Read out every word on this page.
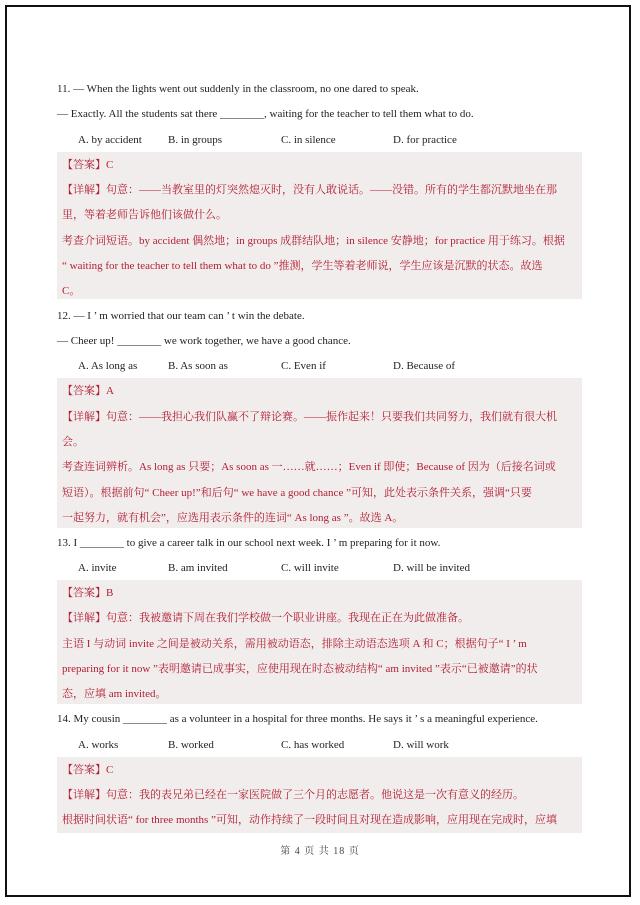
11. — When the lights went out suddenly in the classroom, no one dared to speak.
— Exactly. All the students sat there ________, waiting for the teacher to tell them what to do.
A. by accident B. in groups	C. in silence	D. for practice
【答案】C
【详解】句意：——当教室里的灯突然熄灭时，没有人敢说话。——没错。所有的学生都沉默地坐在那
里，等着老师告诉他们该做什么。
考查介词短语。by accident 偶然地；in groups 成群结队地；in silence 安静地；for practice 用于练习。根据
“ waiting for the teacher to tell them what to do ”推测，学生等着老师说，学生应该是沉默的状态。故选
C。
12. — I ’ m worried that our team can ’ t win the debate.
— Cheer up! ________ we work together, we have a good chance.
A. As long as	B. As soon as	C. Even if	D. Because of
【答案】A
【详解】句意：——我担心我们队赢不了辩论赛。——振作起来！只要我们共同努力，我们就有很大机
会。
考查连词辨析。As long as 只要；As soon as 一……就……；Even if 即使；Because of 因为（后接名词或
短语）。根据前句“ Cheer up!”和后句“ we have a good chance ”可知，此处表示条件关系，强调“只要
一起努力，就有机会”，应选用表示条件的连词“ As long as ”。故选 A。
13. I ________ to give a career talk in our school next week. I ’ m preparing for it now.
A. invite	B. am invited	C. will invite	D. will be invited
【答案】B
【详解】句意：我被邀请下周在我们学校做一个职业讲座。我现在正在为此做准备。
主语 I 与动词 invite 之间是被动关系，需用被动语态，排除主动语态选项 A 和 C；根据句子“ I ’ m
preparing for it now ”表明邀请已成事实，应使用现在时态被动结构“ am invited ”表示“已被邀请”的状
态，应填 am invited。
14. My cousin ________ as a volunteer in a hospital for three months. He says it ’ s a meaningful experience.
A. works	B. worked	C. has worked	D. will work
【答案】C
【详解】句意：我的表兄弟已经在一家医院做了三个月的志愿者。他说这是一次有意义的经历。
根据时间状语“ for three months ”可知，动作持续了一段时间且对现在造成影响，应用现在完成时，应填
第 4 页 共 18 页
